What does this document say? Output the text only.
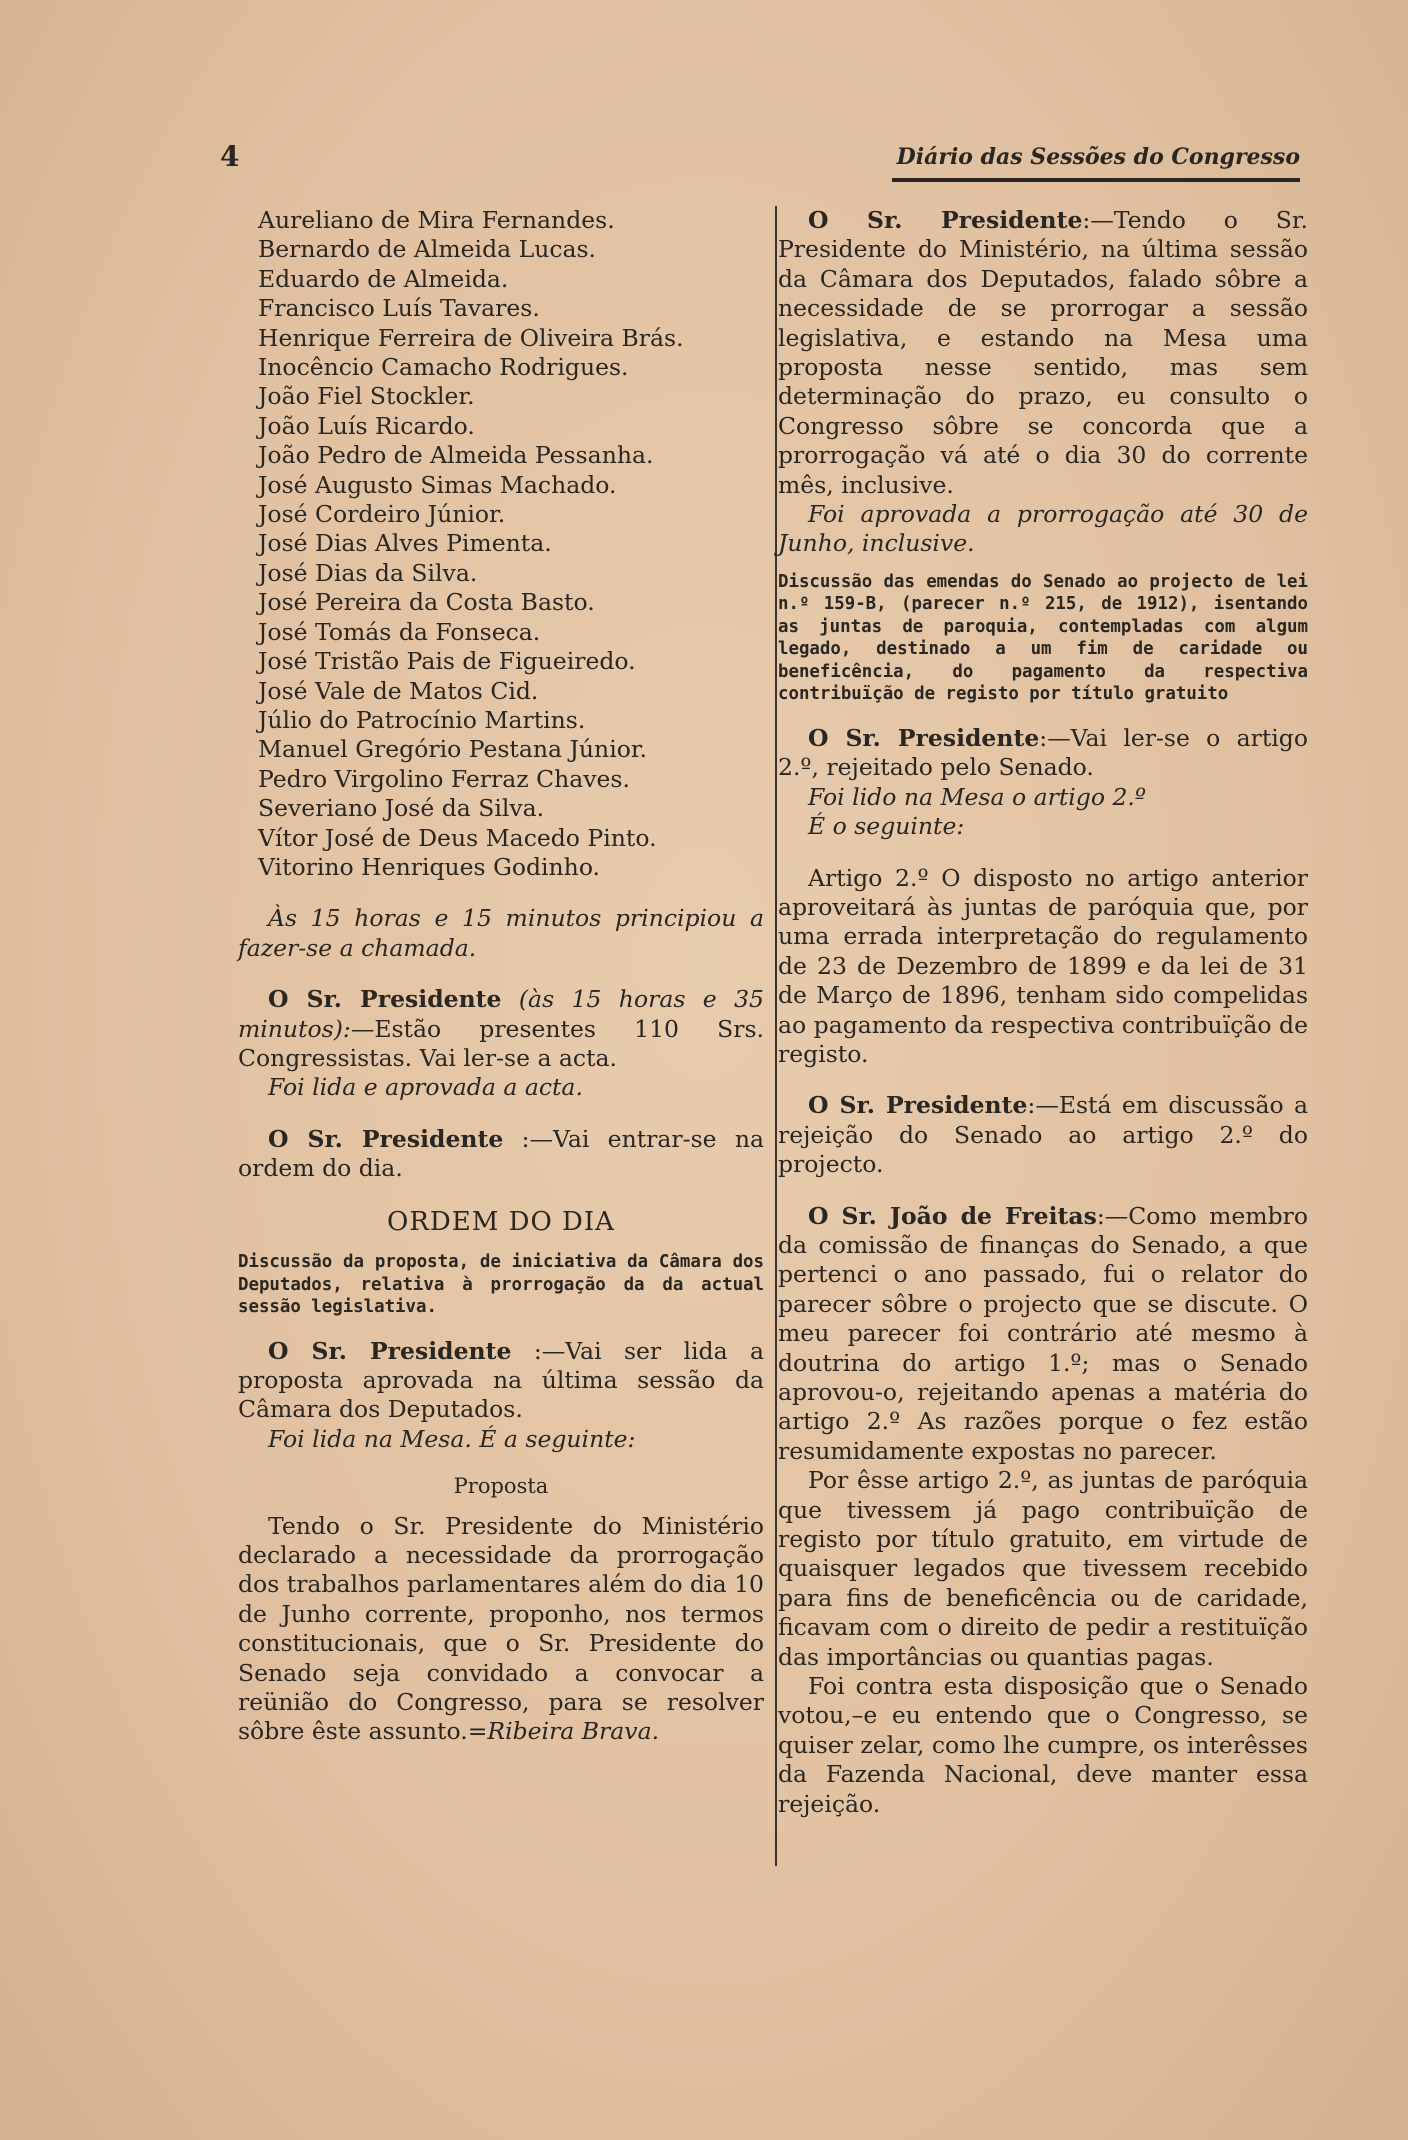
4	Diário das Sessões do Congresso
Aureliano de Mira Fernandes.
Bernardo de Almeida Lucas.
Eduardo de Almeida.
Francisco Luís Tavares.
Henrique Ferreira de Oliveira Brás.
Inocêncio Camacho Rodrigues.
João Fiel Stockler.
João Luís Ricardo.
João Pedro de Almeida Pessanha.
José Augusto Simas Machado.
José Cordeiro Júnior.
José Dias Alves Pimenta.
José Dias da Silva.
José Pereira da Costa Basto.
José Tomás da Fonseca.
José Tristão Pais de Figueiredo.
José Vale de Matos Cid.
Júlio do Patrocínio Martins.
Manuel Gregório Pestana Júnior.
Pedro Virgolino Ferraz Chaves.
Severiano José da Silva.
Vítor José de Deus Macedo Pinto.
Vitorino Henriques Godinho.

Às 15 horas e 15 minutos principiou a fazer-se a chamada.

O Sr. Presidente (às 15 horas e 35 minutos):—Estão presentes 110 Srs. Congressistas. Vai ler-se a acta.

Foi lida e aprovada a acta.

O Sr. Presidente :—Vai entrar-se na ordem do dia.

ORDEM DO DIA

Discussão da proposta, de iniciativa da Câmara dos Deputados, relativa à prorrogação da da actual sessão legislativa.

O Sr. Presidente :—Vai ser lida a proposta aprovada na última sessão da Câmara dos Deputados.

Foi lida na Mesa. É a seguinte:

Proposta

Tendo o Sr. Presidente do Ministério declarado a necessidade da prorrogação dos trabalhos parlamentares além do dia 10 de Junho corrente, proponho, nos termos constitucionais, que o Sr. Presidente do Senado seja convidado a convocar a reünião do Congresso, para se resolver sôbre êste assunto.=Ribeira Brava.

O Sr. Presidente:—Tendo o Sr. Presidente do Ministério, na última sessão da Câmara dos Deputados, falado sôbre a necessidade de se prorrogar a sessão legislativa, e estando na Mesa uma proposta nesse sentido, mas sem determinação do prazo, eu consulto o Congresso sôbre se concorda que a prorrogação vá até o dia 30 do corrente mês, inclusive.

Foi aprovada a prorrogação até 30 de Junho, inclusive.

Discussão das emendas do Senado ao projecto de lei n.º 159-B, (parecer n.º 215, de 1912), isentando as juntas de paroquia, contempladas com algum legado, destinado a um fim de caridade ou beneficência, do pagamento da respectiva contribuïção de registo por título gratuito

O Sr. Presidente:—Vai ler-se o artigo 2.º, rejeitado pelo Senado.

Foi lido na Mesa o artigo 2.º

É o seguinte:

Artigo 2.º O disposto no artigo anterior aproveitará às juntas de paróquia que, por uma errada interpretação do regulamento de 23 de Dezembro de 1899 e da lei de 31 de Março de 1896, tenham sido compelidas ao pagamento da respectiva contribuïção de registo.

O Sr. Presidente:—Está em discussão a rejeição do Senado ao artigo 2.º do projecto.

O Sr. João de Freitas:—Como membro da comissão de finanças do Senado, a que pertenci o ano passado, fui o relator do parecer sôbre o projecto que se discute. O meu parecer foi contrário até mesmo à doutrina do artigo 1.º; mas o Senado aprovou-o, rejeitando apenas a matéria do artigo 2.º As razões porque o fez estão resumidamente expostas no parecer.

Por êsse artigo 2.º, as juntas de paróquia que tivessem já pago contribuïção de registo por título gratuito, em virtude de quaisquer legados que tivessem recebido para fins de beneficência ou de caridade, ficavam com o direito de pedir a restituïção das importâncias ou quantias pagas.

Foi contra esta disposição que o Senado votou,–e eu entendo que o Congresso, se quiser zelar, como lhe cumpre, os interêsses da Fazenda Nacional, deve manter essa rejeição.
